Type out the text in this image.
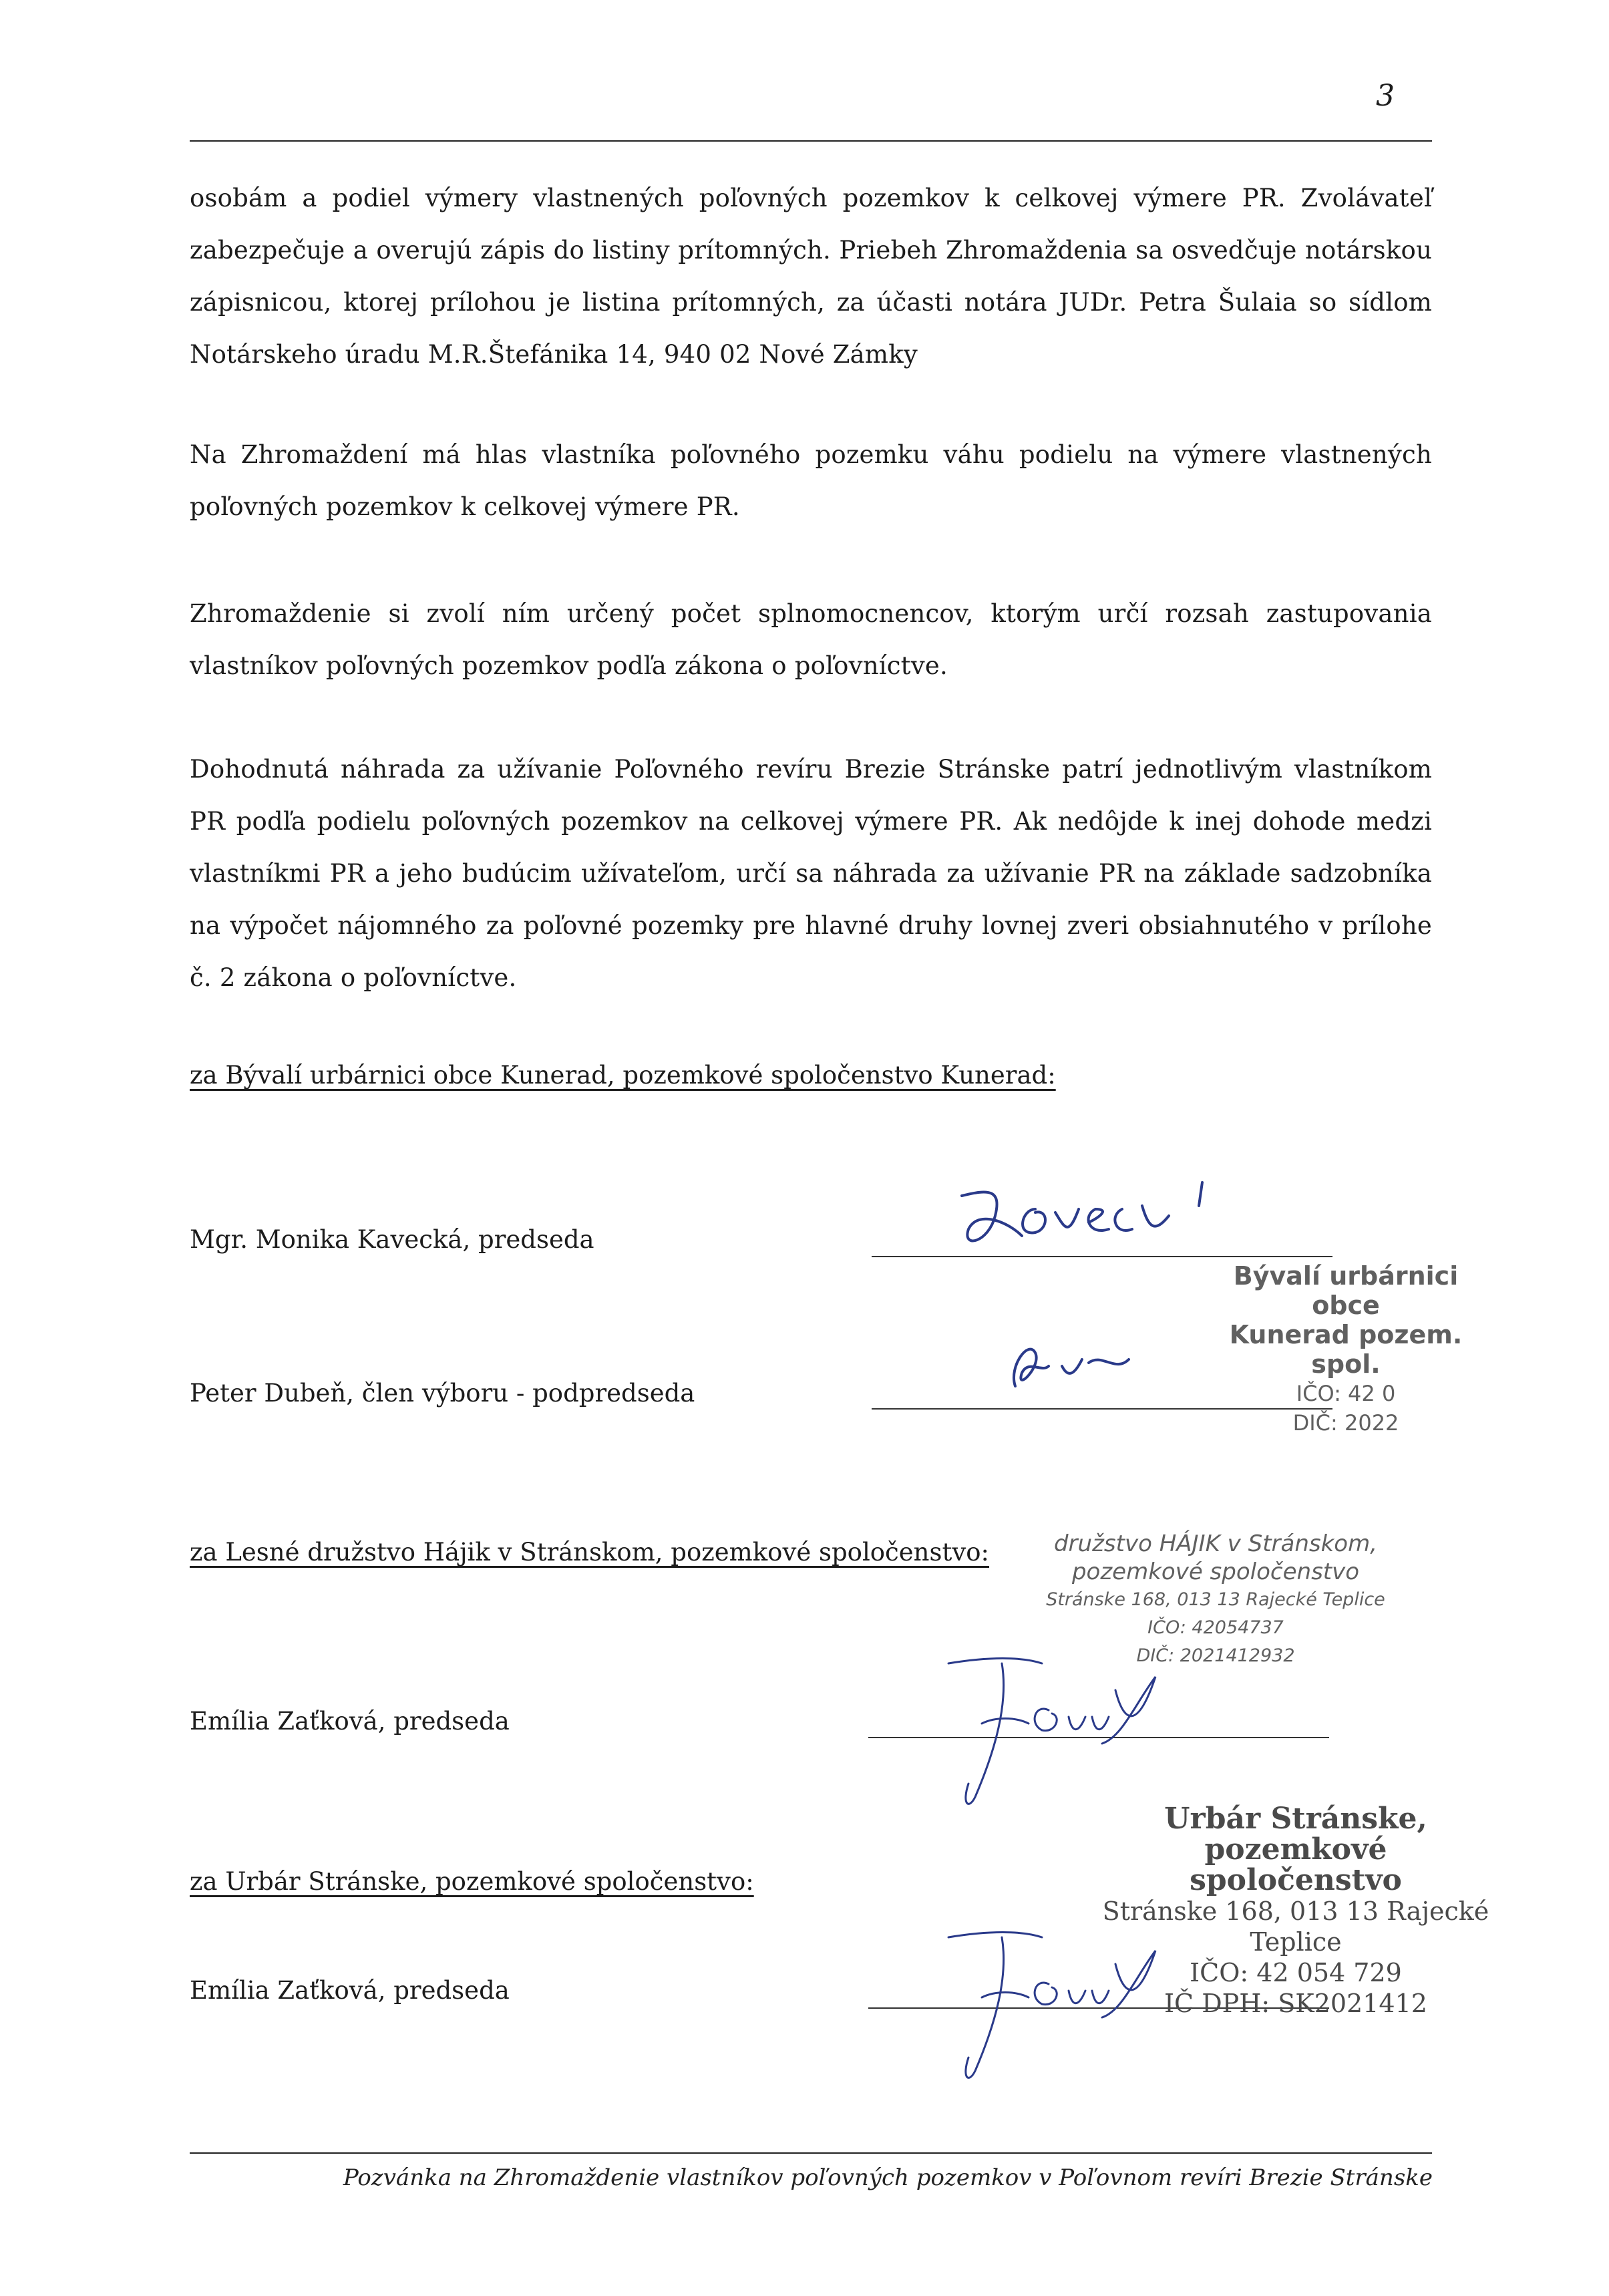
3
osobám a podiel výmery vlastnených poľovných pozemkov k celkovej výmere PR. Zvolávateľ zabezpečuje a overujú zápis do listiny prítomných. Priebeh Zhromaždenia sa osvedčuje notárskou zápisnicou, ktorej prílohou je listina prítomných, za účasti notára JUDr. Petra Šulaia so sídlom Notárskeho úradu M.R.Štefánika 14, 940 02 Nové Zámky
Na Zhromaždení má hlas vlastníka poľovného pozemku váhu podielu na výmere vlastnených poľovných pozemkov k celkovej výmere PR.
Zhromaždenie si zvolí ním určený počet splnomocnencov, ktorým určí rozsah zastupovania vlastníkov poľovných pozemkov podľa zákona o poľovníctve.
Dohodnutá náhrada za užívanie Poľovného revíru Brezie Stránske patrí jednotlivým vlastníkom PR podľa podielu poľovných pozemkov na celkovej výmere PR. Ak nedôjde k inej dohode medzi vlastníkmi PR a jeho budúcim užívateľom, určí sa náhrada za užívanie PR na základe sadzobníka na výpočet nájomného za poľovné pozemky pre hlavné druhy lovnej zveri obsiahnutého v prílohe č. 2 zákona o poľovníctve.
za Bývalí urbárnici obce Kunerad, pozemkové spoločenstvo Kunerad:
Mgr. Monika Kavecká, predseda
Peter Dubeň, člen výboru - podpredseda
Bývalí urbárnici obce
Kunerad pozem. spol.
IČO: 42 0
DIČ: 2022
za Lesné družstvo Hájik v Stránskom, pozemkové spoločenstvo:
Emília Zaťková, predseda
družstvo HÁJIK v Stránskom,
pozemkové spoločenstvo
Stránske 168, 013 13 Rajecké Teplice
IČO: 42054737
DIČ: 2021412932
za Urbár Stránske, pozemkové spoločenstvo:
Emília Zaťková, predseda
Urbár Stránske,
pozemkové spoločenstvo
Stránske 168, 013 13 Rajecké Teplice
IČO: 42 054 729
IČ DPH: SK2021412
Pozvánka na Zhromaždenie vlastníkov poľovných pozemkov v Poľovnom revíri Brezie Stránske
